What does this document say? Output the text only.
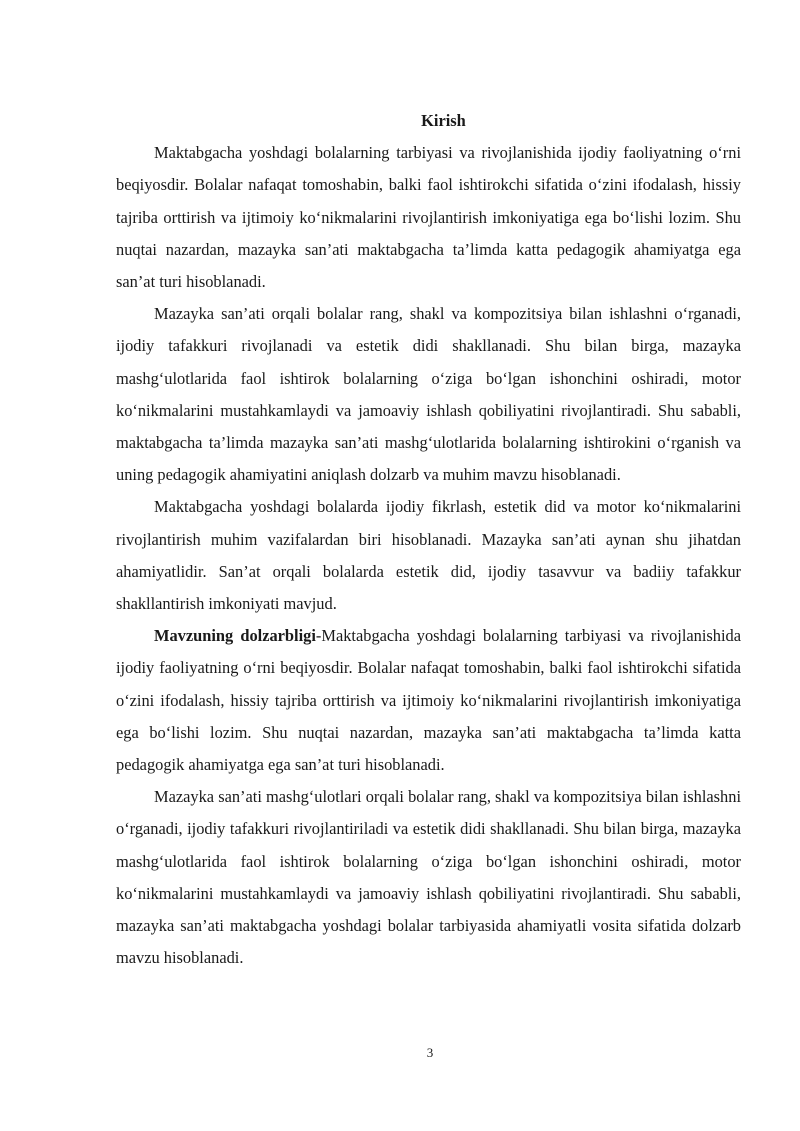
Kirish

Maktabgacha yoshdagi bolalarning tarbiyasi va rivojlanishida ijodiy faoliyatning o‘rni beqiyosdir. Bolalar nafaqat tomoshabin, balki faol ishtirokchi sifatida o‘zini ifodalash, hissiy tajriba orttirish va ijtimoiy ko‘nikmalarini rivojlantirish imkoniyatiga ega bo‘lishi lozim. Shu nuqtai nazardan, mazayka san’ati maktabgacha ta’limda katta pedagogik ahamiyatga ega san’at turi hisoblanadi.

Mazayka san’ati orqali bolalar rang, shakl va kompozitsiya bilan ishlashni o‘rganadi, ijodiy tafakkuri rivojlanadi va estetik didi shakllanadi. Shu bilan birga, mazayka mashg‘ulotlarida faol ishtirok bolalarning o‘ziga bo‘lgan ishonchini oshiradi, motor ko‘nikmalarini mustahkamlaydi va jamoaviy ishlash qobiliyatini rivojlantiradi. Shu sababli, maktabgacha ta’limda mazayka san’ati mashg‘ulotlarida bolalarning ishtirokini o‘rganish va uning pedagogik ahamiyatini aniqlash dolzarb va muhim mavzu hisoblanadi.

Maktabgacha yoshdagi bolalarda ijodiy fikrlash, estetik did va motor ko‘nikmalarini rivojlantirish muhim vazifalardan biri hisoblanadi. Mazayka san’ati aynan shu jihatdan ahamiyatlidir. San’at orqali bolalarda estetik did, ijodiy tasavvur va badiiy tafakkur shakllantirish imkoniyati mavjud.

Mavzuning dolzarbligi-Maktabgacha yoshdagi bolalarning tarbiyasi va rivojlanishida ijodiy faoliyatning o‘rni beqiyosdir. Bolalar nafaqat tomoshabin, balki faol ishtirokchi sifatida o‘zini ifodalash, hissiy tajriba orttirish va ijtimoiy ko‘nikmalarini rivojlantirish imkoniyatiga ega bo‘lishi lozim. Shu nuqtai nazardan, mazayka san’ati maktabgacha ta’limda katta pedagogik ahamiyatga ega san’at turi hisoblanadi.

Mazayka san’ati mashg‘ulotlari orqali bolalar rang, shakl va kompozitsiya bilan ishlashni o‘rganadi, ijodiy tafakkuri rivojlantiriladi va estetik didi shakllanadi. Shu bilan birga, mazayka mashg‘ulotlarida faol ishtirok bolalarning o‘ziga bo‘lgan ishonchini oshiradi, motor ko‘nikmalarini mustahkamlaydi va jamoaviy ishlash qobiliyatini rivojlantiradi. Shu sababli, mazayka san’ati maktabgacha yoshdagi bolalar tarbiyasida ahamiyatli vosita sifatida dolzarb mavzu hisoblanadi.

3
